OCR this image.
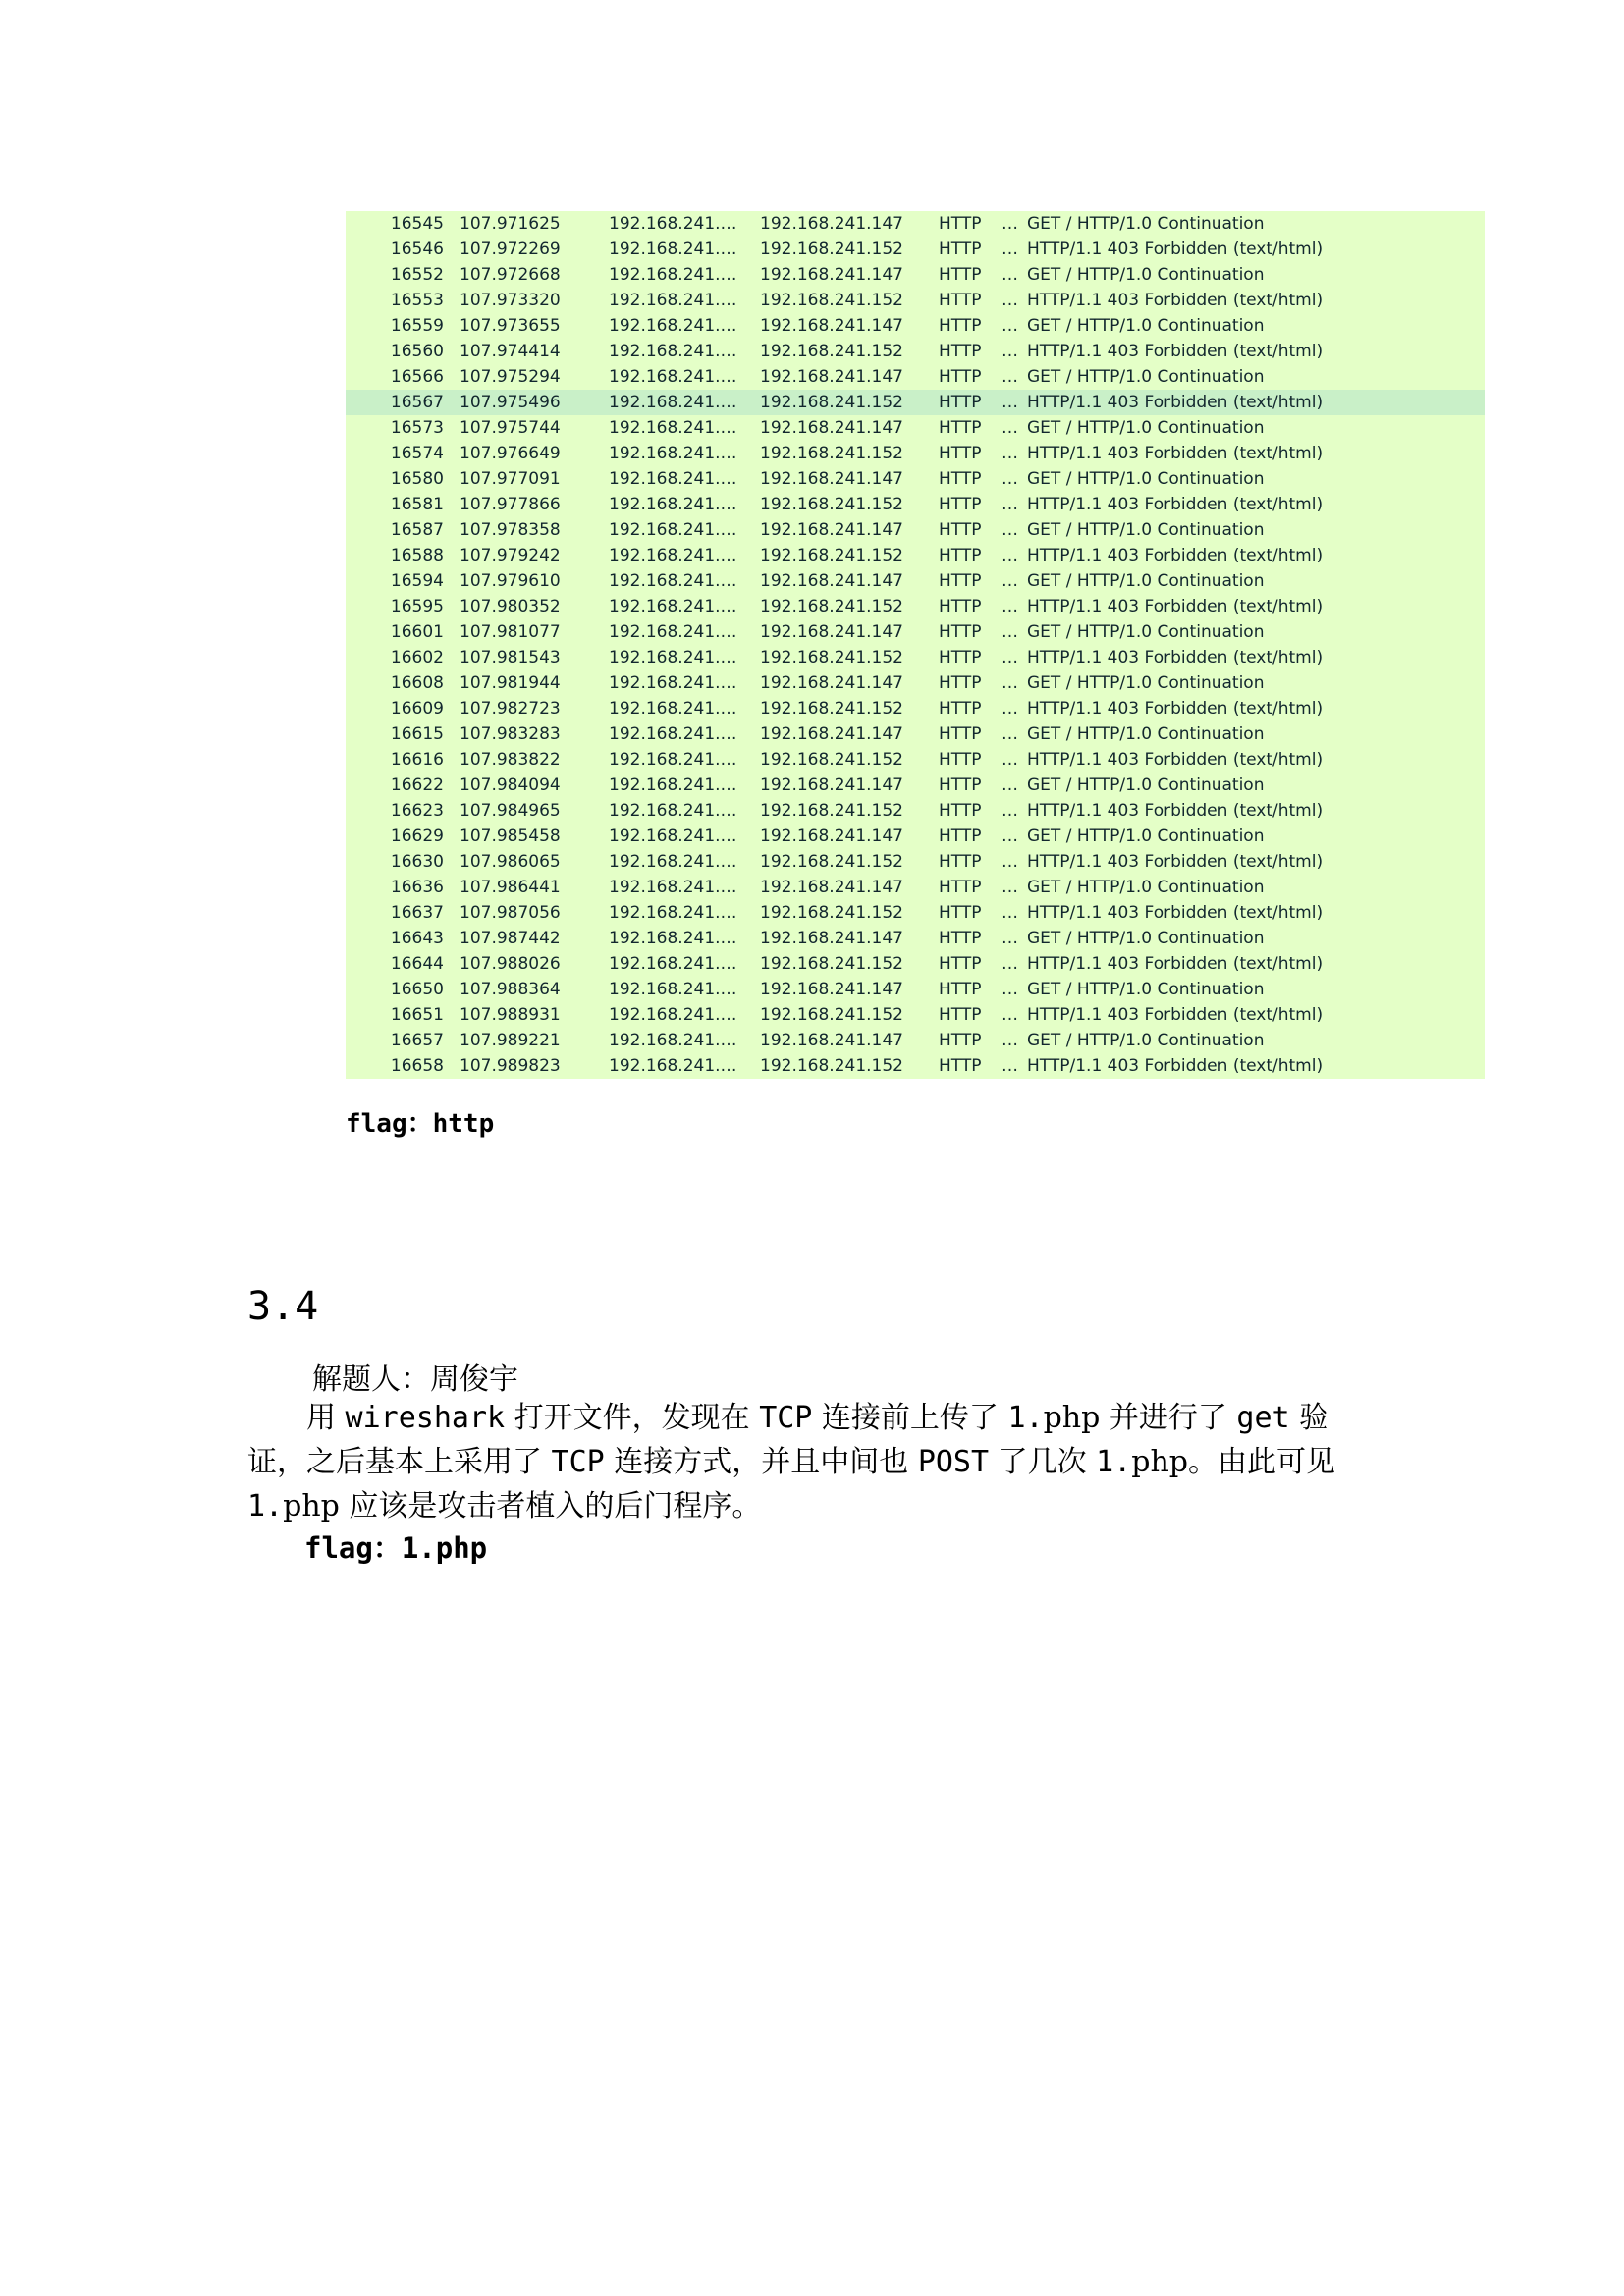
16545 107.971625	192.168.241.… 192.168.241.147 HTTP … GET / HTTP/1.0 Continuation
16546 107.972269	192.168.241.… 192.168.241.152 HTTP … HTTP/1.1 403 Forbidden (text/html)
16552 107.972668	192.168.241.… 192.168.241.147 HTTP … GET / HTTP/1.0 Continuation
16553 107.973320	192.168.241.… 192.168.241.152 HTTP … HTTP/1.1 403 Forbidden (text/html)
16559 107.973655	192.168.241.… 192.168.241.147 HTTP … GET / HTTP/1.0 Continuation
16560 107.974414	192.168.241.… 192.168.241.152 HTTP … HTTP/1.1 403 Forbidden (text/html)
16566 107.975294	192.168.241.… 192.168.241.147 HTTP … GET / HTTP/1.0 Continuation
16567 107.975496	192.168.241.… 192.168.241.152 HTTP … HTTP/1.1 403 Forbidden (text/html)
16573 107.975744	192.168.241.… 192.168.241.147 HTTP … GET / HTTP/1.0 Continuation
16574 107.976649	192.168.241.… 192.168.241.152 HTTP … HTTP/1.1 403 Forbidden (text/html)
16580 107.977091	192.168.241.… 192.168.241.147 HTTP … GET / HTTP/1.0 Continuation
16581 107.977866	192.168.241.… 192.168.241.152 HTTP … HTTP/1.1 403 Forbidden (text/html)
16587 107.978358	192.168.241.… 192.168.241.147 HTTP … GET / HTTP/1.0 Continuation
16588 107.979242	192.168.241.… 192.168.241.152 HTTP … HTTP/1.1 403 Forbidden (text/html)
16594 107.979610	192.168.241.… 192.168.241.147 HTTP … GET / HTTP/1.0 Continuation
16595 107.980352	192.168.241.… 192.168.241.152 HTTP … HTTP/1.1 403 Forbidden (text/html)
16601 107.981077	192.168.241.… 192.168.241.147 HTTP … GET / HTTP/1.0 Continuation
16602 107.981543	192.168.241.… 192.168.241.152 HTTP … HTTP/1.1 403 Forbidden (text/html)
16608 107.981944	192.168.241.… 192.168.241.147 HTTP … GET / HTTP/1.0 Continuation
16609 107.982723	192.168.241.… 192.168.241.152 HTTP … HTTP/1.1 403 Forbidden (text/html)
16615 107.983283	192.168.241.… 192.168.241.147 HTTP … GET / HTTP/1.0 Continuation
16616 107.983822	192.168.241.… 192.168.241.152 HTTP … HTTP/1.1 403 Forbidden (text/html)
16622 107.984094	192.168.241.… 192.168.241.147 HTTP … GET / HTTP/1.0 Continuation
16623 107.984965	192.168.241.… 192.168.241.152 HTTP … HTTP/1.1 403 Forbidden (text/html)
16629 107.985458	192.168.241.… 192.168.241.147 HTTP … GET / HTTP/1.0 Continuation
16630 107.986065	192.168.241.… 192.168.241.152 HTTP … HTTP/1.1 403 Forbidden (text/html)
16636 107.986441	192.168.241.… 192.168.241.147 HTTP … GET / HTTP/1.0 Continuation
16637 107.987056	192.168.241.… 192.168.241.152 HTTP … HTTP/1.1 403 Forbidden (text/html)
16643 107.987442	192.168.241.… 192.168.241.147 HTTP … GET / HTTP/1.0 Continuation
16644 107.988026	192.168.241.… 192.168.241.152 HTTP … HTTP/1.1 403 Forbidden (text/html)
16650 107.988364	192.168.241.… 192.168.241.147 HTTP … GET / HTTP/1.0 Continuation
16651 107.988931	192.168.241.… 192.168.241.152 HTTP … HTTP/1.1 403 Forbidden (text/html)
16657 107.989221	192.168.241.… 192.168.241.147 HTTP … GET / HTTP/1.0 Continuation
16658 107.989823	192.168.241.… 192.168.241.152 HTTP … HTTP/1.1 403 Forbidden (text/html)
flag：http
3.4
解题人：周俊宇

用 wireshark 打开文件，发现在 TCP 连接前上传了 1.php 并进行了 get 验证，之后基本上采用了 TCP 连接方式，并且中间也 POST 了几次 1.php。由此可见 1.php 应该是攻击者植入的后门程序。

flag：1.php
